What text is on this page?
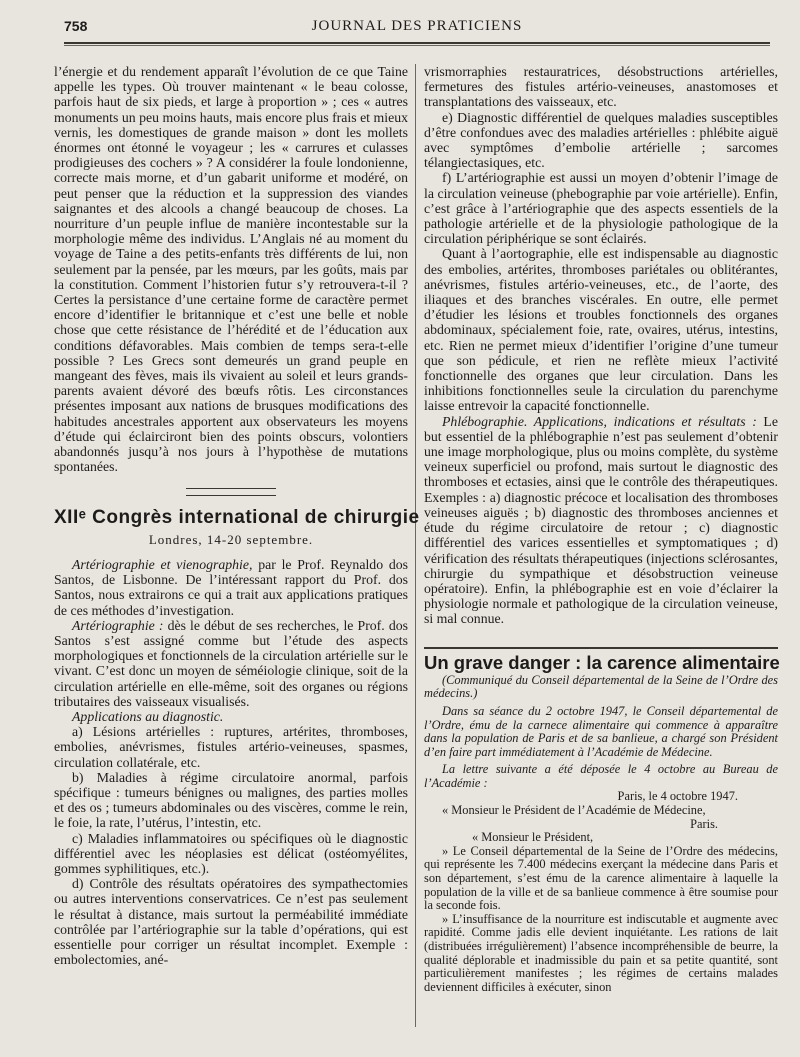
758	JOURNAL DES PRATICIENS

l’énergie et du rendement apparaît l’évolution de ce que Taine appelle les types. Où trouver maintenant « le beau colosse, parfois haut de six pieds, et large à proportion » ; ces « autres monuments un peu moins hauts, mais encore plus frais et mieux vernis, les domestiques de grande maison » dont les mollets énormes ont étonné le voyageur ; les « carrures et culasses prodigieuses des cochers » ? A considérer la foule londonienne, correcte mais morne, et d’un gabarit uniforme et modéré, on peut penser que la réduction et la suppression des viandes saignantes et des alcools a changé beaucoup de choses. La nourriture d’un peuple influe de manière incontestable sur la morphologie même des individus. L’Anglais né au moment du voyage de Taine a des petits-enfants très différents de lui, non seulement par la pensée, par les mœurs, par les goûts, mais par la constitution. Comment l’historien futur s’y retrouvera-t-il ? Certes la persistance d’une certaine forme de caractère permet encore d’identifier le britannique et c’est une belle et noble chose que cette résistance de l’hérédité et de l’éducation aux conditions défavorables. Mais combien de temps sera-t-elle possible ? Les Grecs sont demeurés un grand peuple en mangeant des fèves, mais ils vivaient au soleil et leurs grands-parents avaient dévoré des bœufs rôtis. Les circonstances présentes imposant aux nations de brusques modifications des habitudes ancestrales apportent aux observateurs les moyens d’étude qui éclairciront bien des points obscurs, volontiers abandonnés jusqu’à nos jours à l’hypothèse de mutations spontanées.

XIIᵉ Congrès international de chirurgie
Londres, 14-20 septembre.

Artériographie et vienographie, par le Prof. Reynaldo dos Santos, de Lisbonne. De l’intéressant rapport du Prof. dos Santos, nous extrairons ce qui a trait aux applications pratiques de ces méthodes d’investigation.

Artériographie : dès le début de ses recherches, le Prof. dos Santos s’est assigné comme but l’étude des aspects morphologiques et fonctionnels de la circulation artérielle sur le vivant. C’est donc un moyen de séméiologie clinique, soit de la circulation artérielle en elle-même, soit des organes ou régions tributaires des vaisseaux visualisés.

Applications au diagnostic.

a) Lésions artérielles : ruptures, artérites, thromboses, embolies, anévrismes, fistules artério-veineuses, spasmes, circulation collatérale, etc.

b) Maladies à régime circulatoire anormal, parfois spécifique : tumeurs bénignes ou malignes, des parties molles et des os ; tumeurs abdominales ou des viscères, comme le rein, le foie, la rate, l’utérus, l’intestin, etc.

c) Maladies inflammatoires ou spécifiques où le diagnostic différentiel avec les néoplasies est délicat (ostéomyélites, gommes syphilitiques, etc.).

d) Contrôle des résultats opératoires des sympathectomies ou autres interventions conservatrices. Ce n’est pas seulement le résultat à distance, mais surtout la perméabilité immédiate contrôlée par l’artériographie sur la table d’opérations, qui est essentielle pour corriger un résultat incomplet. Exemple : embolectomies, ané-

vrismorraphies restauratrices, désobstructions artérielles, fermetures des fistules artério-veineuses, anastomoses et transplantations des vaisseaux, etc.

e) Diagnostic différentiel de quelques maladies susceptibles d’être confondues avec des maladies artérielles : phlébite aiguë avec symptômes d’embolie artérielle ; sarcomes télangiectasiques, etc.

f) L’artériographie est aussi un moyen d’obtenir l’image de la circulation veineuse (phebographie par voie artérielle). Enfin, c’est grâce à l’artériographie que des aspects essentiels de la pathologie artérielle et de la physiologie pathologique de la circulation périphérique se sont éclairés.

Quant à l’aortographie, elle est indispensable au diagnostic des embolies, artérites, thromboses pariétales ou oblitérantes, anévrismes, fistules artério-veineuses, etc., de l’aorte, des iliaques et des branches viscérales. En outre, elle permet d’étudier les lésions et troubles fonctionnels des organes abdominaux, spécialement foie, rate, ovaires, utérus, intestins, etc. Rien ne permet mieux d’identifier l’origine d’une tumeur que son pédicule, et rien ne reflète mieux l’activité fonctionnelle des organes que leur circulation. Dans les inhibitions fonctionnelles seule la circulation du parenchyme laisse entrevoir la capacité fonctionnelle.

Phlébographie. Applications, indications et résultats : Le but essentiel de la phlébographie n’est pas seulement d’obtenir une image morphologique, plus ou moins complète, du système veineux superficiel ou profond, mais surtout le diagnostic des thromboses et ectasies, ainsi que le contrôle des thérapeutiques. Exemples : a) diagnostic précoce et localisation des thromboses veineuses aiguës ; b) diagnostic des thromboses anciennes et étude du régime circulatoire de retour ; c) diagnostic différentiel des varices essentielles et symptomatiques ; d) vérification des résultats thérapeutiques (injections sclérosantes, chirurgie du sympathique et désobstruction veineuse opératoire). Enfin, la phlébographie est en voie d’éclairer la physiologie normale et pathologique de la circulation veineuse, si mal connue.

Un grave danger : la carence alimentaire

(Communiqué du Conseil départemental de la Seine de l’Ordre des médecins.)

Dans sa séance du 2 octobre 1947, le Conseil départemental de l’Ordre, ému de la carnece alimentaire qui commence à apparaître dans la population de Paris et de sa banlieue, a chargé son Président d’en faire part immédiatement à l’Académie de Médecine.

La lettre suivante a été déposée le 4 octobre au Bureau de l’Académie :

Paris, le 4 octobre 1947.

« Monsieur le Président de l’Académie de Médecine,

Paris.

« Monsieur le Président,

» Le Conseil départemental de la Seine de l’Ordre des médecins, qui représente les 7.400 médecins exerçant la médecine dans Paris et son département, s’est ému de la carence alimentaire à laquelle la population de la ville et de sa banlieue commence à être soumise pour la seconde fois.

» L’insuffisance de la nourriture est indiscutable et augmente avec rapidité. Comme jadis elle devient inquiétante. Les rations de lait (distribuées irrégulièrement) l’absence incompréhensible de beurre, la qualité déplorable et inadmissible du pain et sa petite quantité, sont particulièrement manifestes ; les régimes de certains malades deviennent difficiles à exécuter, sinon
